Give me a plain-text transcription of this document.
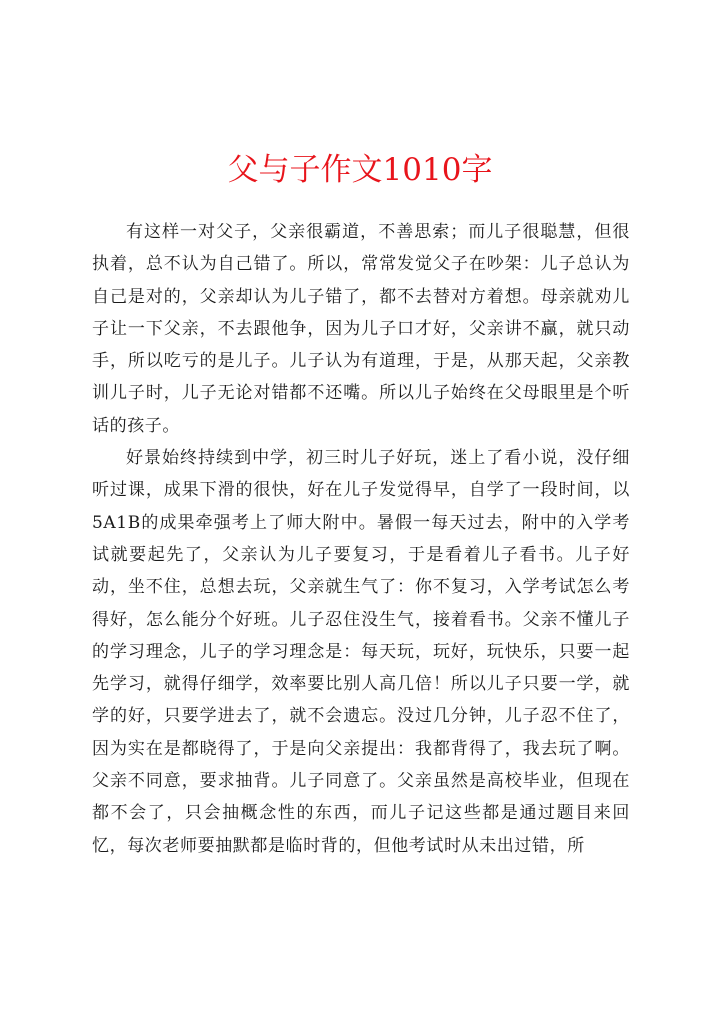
父与子作文1010字

有这样一对父子，父亲很霸道，不善思索；而儿子很聪慧，但很执着，总不认为自己错了。所以，常常发觉父子在吵架：儿子总认为自己是对的，父亲却认为儿子错了，都不去替对方着想。母亲就劝儿子让一下父亲，不去跟他争，因为儿子口才好，父亲讲不赢，就只动手，所以吃亏的是儿子。儿子认为有道理，于是，从那天起，父亲教训儿子时，儿子无论对错都不还嘴。所以儿子始终在父母眼里是个听话的孩子。

好景始终持续到中学，初三时儿子好玩，迷上了看小说，没仔细听过课，成果下滑的很快，好在儿子发觉得早，自学了一段时间，以5A1B的成果牵强考上了师大附中。暑假一每天过去，附中的入学考试就要起先了，父亲认为儿子要复习，于是看着儿子看书。儿子好动，坐不住，总想去玩，父亲就生气了：你不复习，入学考试怎么考得好，怎么能分个好班。儿子忍住没生气，接着看书。父亲不懂儿子的学习理念，儿子的学习理念是：每天玩，玩好，玩快乐，只要一起先学习，就得仔细学，效率要比别人高几倍！所以儿子只要一学，就学的好，只要学进去了，就不会遗忘。没过几分钟，儿子忍不住了，因为实在是都晓得了，于是向父亲提出：我都背得了，我去玩了啊。父亲不同意，要求抽背。儿子同意了。父亲虽然是高校毕业，但现在都不会了，只会抽概念性的东西，而儿子记这些都是通过题目来回忆，每次老师要抽默都是临时背的，但他考试时从未出过错，所
